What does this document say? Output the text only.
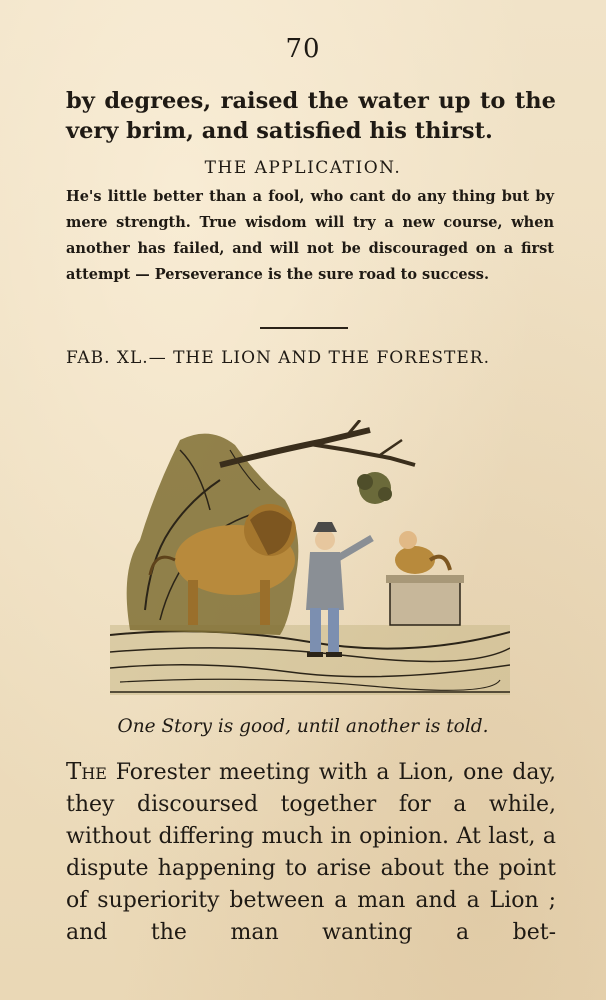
70
by degrees, raised the water up to the very brim, and satisfied his thirst.
THE APPLICATION.
He's little better than a fool, who cant do any thing but by mere strength. True wisdom will try a new course, when another has failed, and will not be discouraged on a first attempt — Perseverance is the sure road to success.
FAB. XL.— THE LION AND THE FORESTER.
One Story is good, until another is told.
The Forester meeting with a Lion, one day, they discoursed together for a while, without differing much in opinion. At last, a dispute happening to arise about the point of superiority between a man and a Lion ; and the man wanting a bet-
